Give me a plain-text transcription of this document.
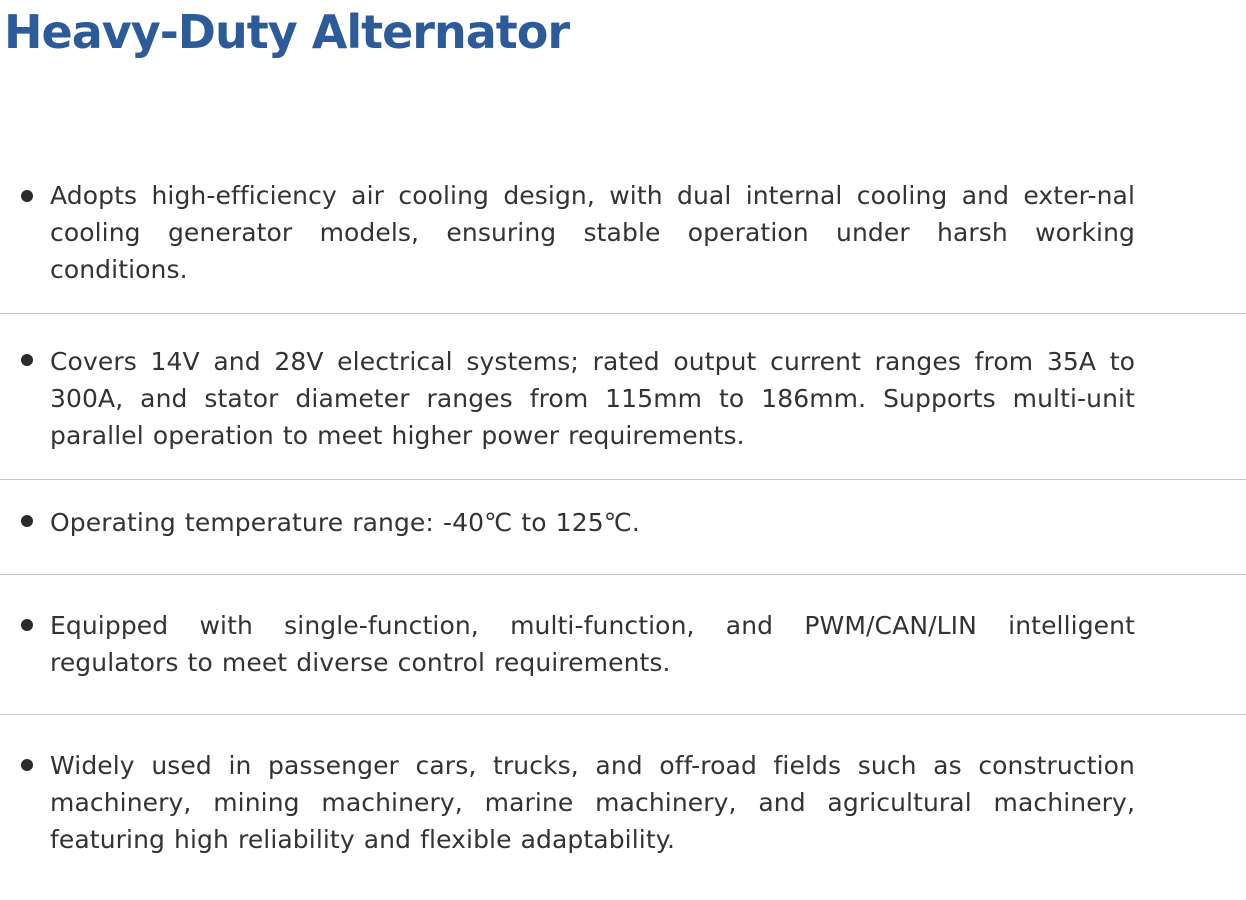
Heavy-Duty Alternator

Adopts high-efficiency air cooling design, with dual internal cooling and exter-nal cooling generator models, ensuring stable operation under harsh working conditions.

Covers 14V and 28V electrical systems; rated output current ranges from 35A to 300A, and stator diameter ranges from 115mm to 186mm. Supports multi-unit parallel operation to meet higher power requirements.

Operating temperature range: -40℃ to 125℃.

Equipped with single-function, multi-function, and PWM/CAN/LIN intelligent regulators to meet diverse control requirements.

Widely used in passenger cars, trucks, and off-road fields such as construction machinery, mining machinery, marine machinery, and agricultural machinery, featuring high reliability and flexible adaptability.
